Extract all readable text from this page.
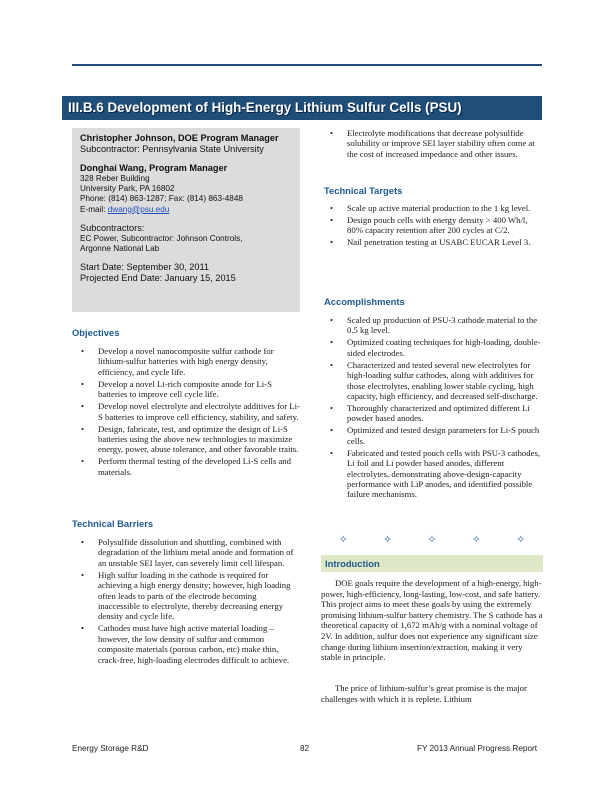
III.B.6 Development of High-Energy Lithium Sulfur Cells (PSU)
Christopher Johnson, DOE Program Manager
Subcontractor: Pennsylvania State University
Donghai Wang, Program Manager
328 Reber Building
University Park, PA 16802
Phone: (814) 863-1287; Fax: (814) 863-4848
E-mail: dwang@psu.edu
Subcontractors:
EC Power, Subcontractor: Johnson Controls,
Argonne National Lab
Start Date: September 30, 2011
Projected End Date: January 15, 2015
Objectives
• Develop a novel nanocomposite sulfur cathode for lithium-sulfur batteries with high energy density, efficiency, and cycle life.
• Develop a novel Li-rich composite anode for Li-S batteries to improve cell cycle life.
• Develop novel electrolyte and electrolyte additives for Li-S batteries to improve cell efficiency, stability, and safety.
• Design, fabricate, test, and optimize the design of Li-S batteries using the above new technologies to maximize energy, power, abuse tolerance, and other favorable traits.
• Perform thermal testing of the developed Li-S cells and materials.
Technical Barriers
• Polysulfide dissolution and shuttling, combined with degradation of the lithium metal anode and formation of an unstable SEI layer, can severely limit cell lifespan.
• High sulfur loading in the cathode is required for achieving a high energy density; however, high loading often leads to parts of the electrode becoming inaccessible to electrolyte, thereby decreasing energy density and cycle life.
• Cathodes must have high active material loading – however, the low density of sulfur and common composite materials (porous carbon, etc) make thin, crack-free, high-loading electrodes difficult to achieve.
• Electrolyte modifications that decrease polysulfide solubility or improve SEI layer stability often come at the cost of increased impedance and other issues.
Technical Targets
• Scale up active material production to the 1 kg level.
• Design pouch cells with energy density > 400 Wh/l, 80% capacity retention after 200 cycles at C/2.
• Nail penetration testing at USABC EUCAR Level 3.
Accomplishments
• Scaled up production of PSU-3 cathode material to the 0.5 kg level.
• Optimized coating techniques for high-loading, double-sided electrodes.
• Characterized and tested several new electrolytes for high-loading sulfur cathodes, along with additives for those electrolytes, enabling lower stable cycling, high capacity, high efficiency, and decreased self-discharge.
• Thoroughly characterized and optimized different Li powder based anodes.
• Optimized and tested design parameters for Li-S pouch cells.
• Fabricated and tested pouch cells with PSU-3 cathodes, Li foil and Li powder based anodes, different electrolytes, demonstrating above-design-capacity performance with LiP anodes, and identified possible failure mechanisms.
✧	✧	✧	✧	✧
Introduction

DOE goals require the development of a high-energy, high-power, high-efficiency, long-lasting, low-cost, and safe battery. This project aims to meet these goals by using the extremely promising lithium-sulfur battery chemistry. The S cathode has a theoretical capacity of 1,672 mAh/g with a nominal voltage of 2V. In addition, sulfur does not experience any significant size change during lithium insertion/extraction, making it very stable in principle.

The price of lithium-sulfur’s great promise is the major challenges with which it is replete. Lithium

Energy Storage R&D	82	FY 2013 Annual Progress Report
